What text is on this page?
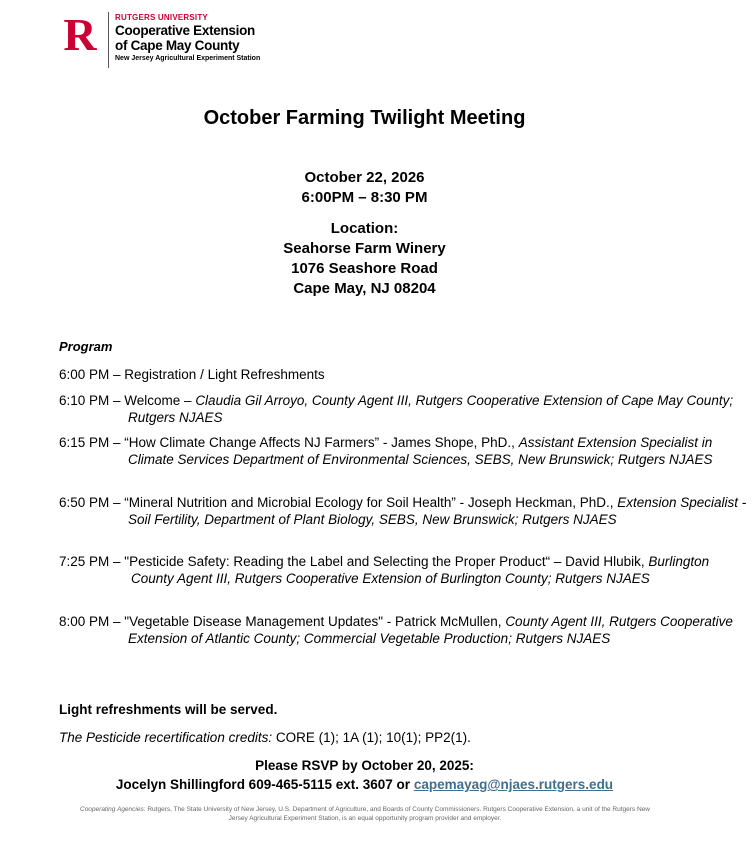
R RUTGERS UNIVERSITY
Cooperative Extension
of Cape May County
New Jersey Agricultural Experiment Station
October Farming Twilight Meeting
October 22, 2026
6:00PM – 8:30 PM
Location:
Seahorse Farm Winery
1076 Seashore Road
Cape May, NJ 08204
Program
6:00 PM – Registration / Light Refreshments
6:10 PM – Welcome – Claudia Gil Arroyo, County Agent III, Rutgers Cooperative Extension of Cape May County; Rutgers NJAES
6:15 PM – “How Climate Change Affects NJ Farmers” - James Shope, PhD., Assistant Extension Specialist in Climate Services Department of Environmental Sciences, SEBS, New Brunswick; Rutgers NJAES
6:50 PM – “Mineral Nutrition and Microbial Ecology for Soil Health” - Joseph Heckman, PhD., Extension Specialist - Soil Fertility, Department of Plant Biology, SEBS, New Brunswick; Rutgers NJAES
7:25 PM – "Pesticide Safety: Reading the Label and Selecting the Proper Product“ – David Hlubik, Burlington County Agent III, Rutgers Cooperative Extension of Burlington County; Rutgers NJAES
8:00 PM – "Vegetable Disease Management Updates" - Patrick McMullen, County Agent III, Rutgers Cooperative Extension of Atlantic County; Commercial Vegetable Production; Rutgers NJAES
Light refreshments will be served.
The Pesticide recertification credits: CORE (1); 1A (1); 10(1); PP2(1).
Please RSVP by October 20, 2025:
Jocelyn Shillingford 609-465-5115 ext. 3607 or capemayag@njaes.rutgers.edu
Cooperating Agencies: Rutgers, The State University of New Jersey, U.S. Department of Agriculture, and Boards of County Commissioners. Rutgers Cooperative Extension, a unit of the Rutgers New Jersey Agricultural Experiment Station, is an equal opportunity program provider and employer.
